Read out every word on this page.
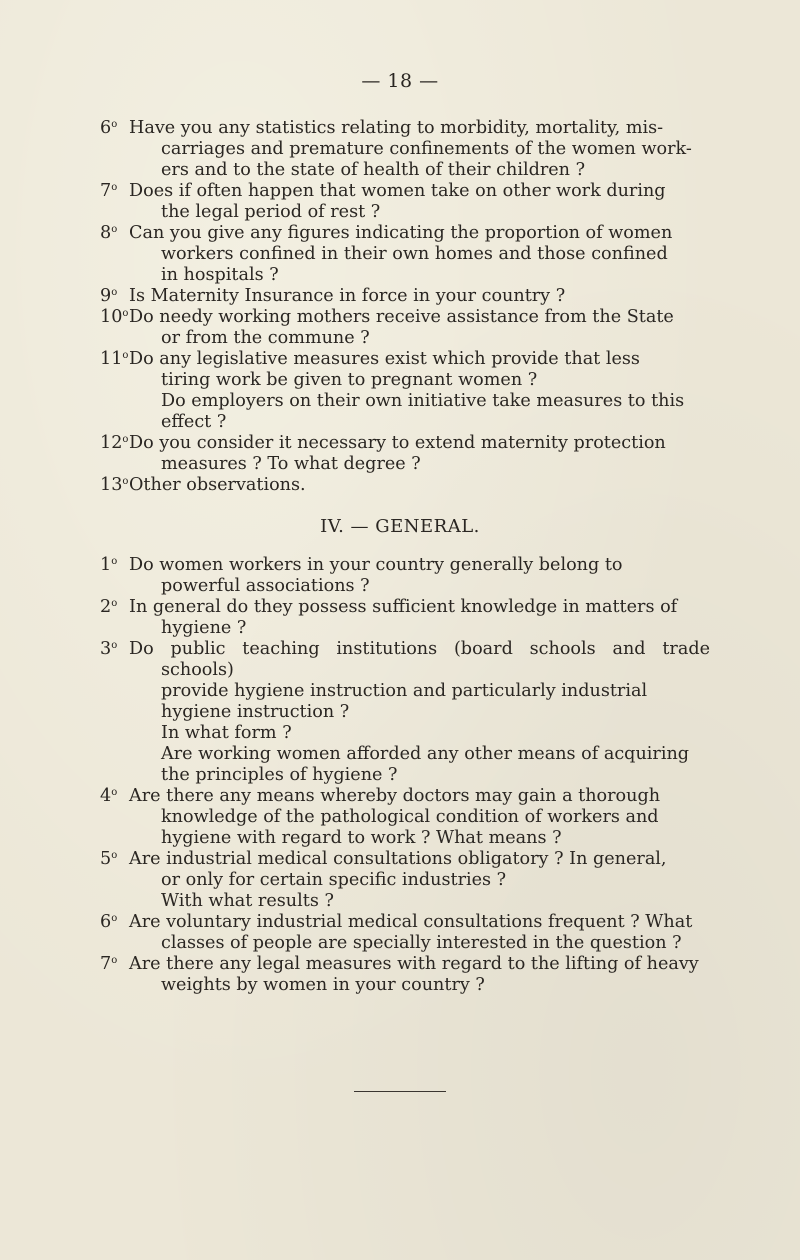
— 18 —
6$^o$ Have you any statistics relating to morbidity, mortality, mis-
carriages and premature confinements of the women work-
ers and to the state of health of their children ?
7$^o$ Does if often happen that women take on other work during
the legal period of rest ?
8$^o$ Can you give any figures indicating the proportion of women
workers confined in their own homes and those confined
in hospitals ?
9$^o$ Is Maternity Insurance in force in your country ?
10$^o$ Do needy working mothers receive assistance from the State
or from the commune ?
11$^o$ Do any legislative measures exist which provide that less
tiring work be given to pregnant women ?
Do employers on their own initiative take measures to this
effect ?
12$^o$ Do you consider it necessary to extend maternity protection
measures ? To what degree ?
13$^o$ Other observations.
IV. — GENERAL.
1$^o$ Do women workers in your country generally belong to
powerful associations ?
2$^o$ In general do they possess sufficient knowledge in matters of
hygiene ?
3$^o$ Do public teaching institutions (board schools and trade schools)
provide hygiene instruction and particularly industrial
hygiene instruction ?
In what form ?
Are working women afforded any other means of acquiring
the principles of hygiene ?
4$^o$ Are there any means whereby doctors may gain a thorough
knowledge of the pathological condition of workers and
hygiene with regard to work ? What means ?
5$^o$ Are industrial medical consultations obligatory ? In general,
or only for certain specific industries ?
With what results ?
6$^o$ Are voluntary industrial medical consultations frequent ? What
classes of people are specially interested in the question ?
7$^o$ Are there any legal measures with regard to the lifting of heavy
weights by women in your country ?
